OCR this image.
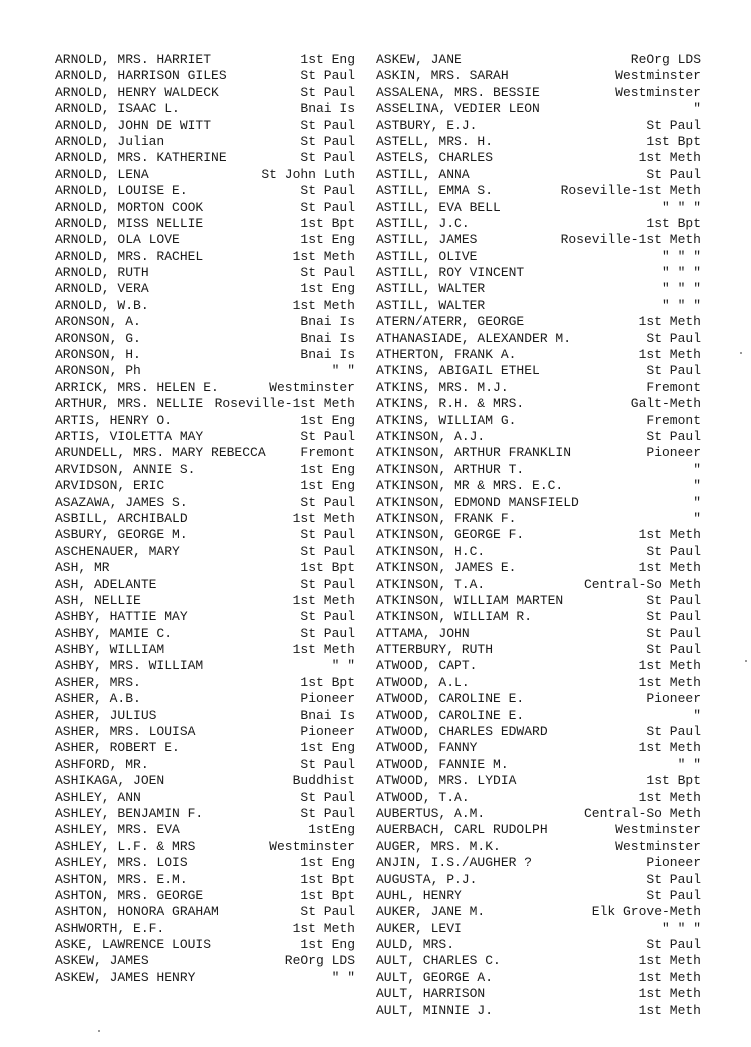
ARNOLD, MRS. HARRIET	1st Eng
ARNOLD, HARRISON GILES	St Paul
ARNOLD, HENRY WALDECK	St Paul
ARNOLD, ISAAC L.	Bnai Is
ARNOLD, JOHN DE WITT	St Paul
ARNOLD, Julian	St Paul
ARNOLD, MRS. KATHERINE	St Paul
ARNOLD, LENA	St John Luth
ARNOLD, LOUISE E.	St Paul
ARNOLD, MORTON COOK	St Paul
ARNOLD, MISS NELLIE	1st Bpt
ARNOLD, OLA LOVE	1st Eng
ARNOLD, MRS. RACHEL	1st Meth
ARNOLD, RUTH	St Paul
ARNOLD, VERA	1st Eng
ARNOLD, W.B.	1st Meth
ARONSON, A.	Bnai Is
ARONSON, G.	Bnai Is
ARONSON, H.	Bnai Is
ARONSON, Ph	" "
ARRICK, MRS. HELEN E.	Westminster
ARTHUR, MRS. NELLIE Roseville-1st Meth
ARTIS, HENRY O.	1st Eng
ARTIS, VIOLETTA MAY	St Paul
ARUNDELL, MRS. MARY REBECCA	Fremont
ARVIDSON, ANNIE S.	1st Eng
ARVIDSON, ERIC	1st Eng
ASAZAWA, JAMES S.	St Paul
ASBILL, ARCHIBALD	1st Meth
ASBURY, GEORGE M.	St Paul
ASCHENAUER, MARY	St Paul
ASH, MR	1st Bpt
ASH, ADELANTE	St Paul
ASH, NELLIE	1st Meth
ASHBY, HATTIE MAY	St Paul
ASHBY, MAMIE C.	St Paul
ASHBY, WILLIAM	1st Meth
ASHBY, MRS. WILLIAM	" "
ASHER, MRS.	1st Bpt
ASHER, A.B.	Pioneer
ASHER, JULIUS	Bnai Is
ASHER, MRS. LOUISA	Pioneer
ASHER, ROBERT E.	1st Eng
ASHFORD, MR.	St Paul
ASHIKAGA, JOEN	Buddhist
ASHLEY, ANN	St Paul
ASHLEY, BENJAMIN F.	St Paul
ASHLEY, MRS. EVA	1stEng
ASHLEY, L.F. & MRS	Westminster
ASHLEY, MRS. LOIS	1st Eng
ASHTON, MRS. E.M.	1st Bpt
ASHTON, MRS. GEORGE	1st Bpt
ASHTON, HONORA GRAHAM	St Paul
ASHWORTH, E.F.	1st Meth
ASKE, LAWRENCE LOUIS	1st Eng
ASKEW, JAMES	ReOrg LDS
ASKEW, JAMES HENRY	" "
ASKEW, JANE	ReOrg LDS
ASKIN, MRS. SARAH	Westminster
ASSALENA, MRS. BESSIE	Westminster
ASSELINA, VEDIER LEON	"
ASTBURY, E.J.	St Paul
ASTELL, MRS. H.	1st Bpt
ASTELS, CHARLES	1st Meth
ASTILL, ANNA	St Paul
ASTILL, EMMA S.	Roseville-1st Meth
ASTILL, EVA BELL	" " "
ASTILL, J.C.	1st Bpt
ASTILL, JAMES	Roseville-1st Meth
ASTILL, OLIVE	" " "
ASTILL, ROY VINCENT	" " "
ASTILL, WALTER	" " "
ASTILL, WALTER	" " "
ATERN/ATERR, GEORGE	1st Meth
ATHANASIADE, ALEXANDER M.	St Paul
ATHERTON, FRANK A.	1st Meth
ATKINS, ABIGAIL ETHEL	St Paul
ATKINS, MRS. M.J.	Fremont
ATKINS, R.H. & MRS.	Galt-Meth
ATKINS, WILLIAM G.	Fremont
ATKINSON, A.J.	St Paul
ATKINSON, ARTHUR FRANKLIN	Pioneer
ATKINSON, ARTHUR T.	"
ATKINSON, MR & MRS. E.C.	"
ATKINSON, EDMOND MANSFIELD	"
ATKINSON, FRANK F.	"
ATKINSON, GEORGE F.	1st Meth
ATKINSON, H.C.	St Paul
ATKINSON, JAMES E.	1st Meth
ATKINSON, T.A.	Central-So Meth
ATKINSON, WILLIAM MARTEN	St Paul
ATKINSON, WILLIAM R.	St Paul
ATTAMA, JOHN	St Paul
ATTERBURY, RUTH	St Paul
ATWOOD, CAPT.	1st Meth
ATWOOD, A.L.	1st Meth
ATWOOD, CAROLINE E.	Pioneer
ATWOOD, CAROLINE E.	"
ATWOOD, CHARLES EDWARD	St Paul
ATWOOD, FANNY	1st Meth
ATWOOD, FANNIE M.	" "
ATWOOD, MRS. LYDIA	1st Bpt
ATWOOD, T.A.	1st Meth
AUBERTUS, A.M.	Central-So Meth
AUERBACH, CARL RUDOLPH	Westminster
AUGER, MRS. M.K.	Westminster
ANJIN, I.S./AUGHER ?	Pioneer
AUGUSTA, P.J.	St Paul
AUHL, HENRY	St Paul
AUKER, JANE M.	Elk Grove-Meth
AUKER, LEVI	" " "
AULD, MRS.	St Paul
AULT, CHARLES C.	1st Meth
AULT, GEORGE A.	1st Meth
AULT, HARRISON	1st Meth
AULT, MINNIE J.	1st Meth
